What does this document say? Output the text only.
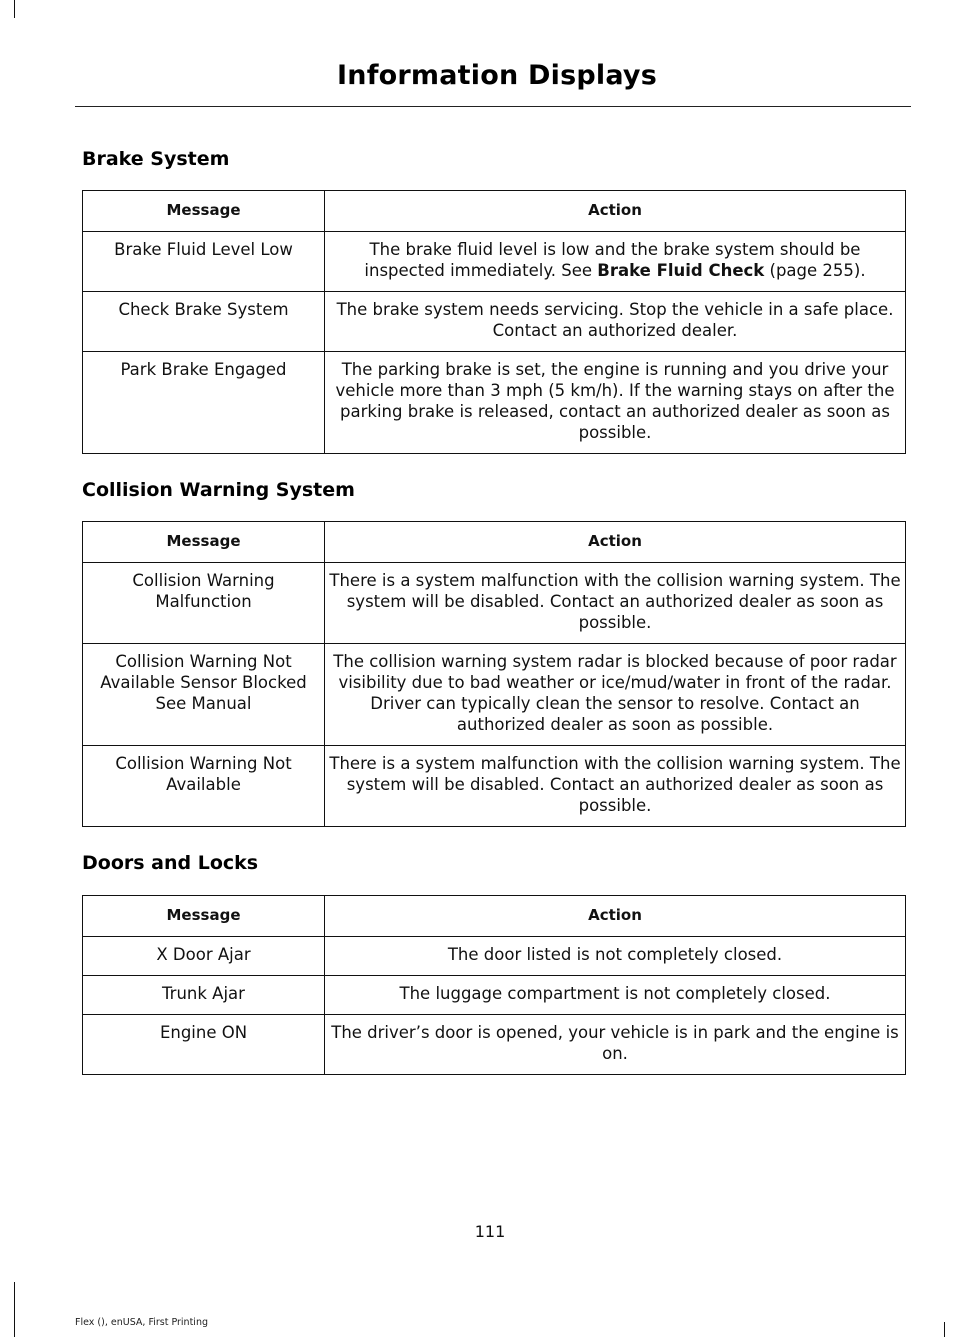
Information Displays
Brake System
Message	Action
Brake Fluid Level Low	The brake fluid level is low and the brake system should be inspected immediately. See Brake Fluid Check (page 255).
Check Brake System	The brake system needs servicing. Stop the vehicle in a safe place. Contact an authorized dealer.
Park Brake Engaged	The parking brake is set, the engine is running and you drive your vehicle more than 3 mph (5 km/h). If the warning stays on after the parking brake is released, contact an authorized dealer as soon as possible.
Collision Warning System
Message	Action
Collision Warning Malfunction	There is a system malfunction with the collision warning system. The system will be disabled. Contact an authorized dealer as soon as possible.
Collision Warning Not Available Sensor Blocked See Manual	The collision warning system radar is blocked because of poor radar visibility due to bad weather or ice/mud/water in front of the radar. Driver can typically clean the sensor to resolve. Contact an authorized dealer as soon as possible.
Collision Warning Not Available	There is a system malfunction with the collision warning system. The system will be disabled. Contact an authorized dealer as soon as possible.
Doors and Locks
Message	Action
X Door Ajar	The door listed is not completely closed.
Trunk Ajar	The luggage compartment is not completely closed.
Engine ON	The driver’s door is opened, your vehicle is in park and the engine is on.
111
Flex (), enUSA, First Printing
